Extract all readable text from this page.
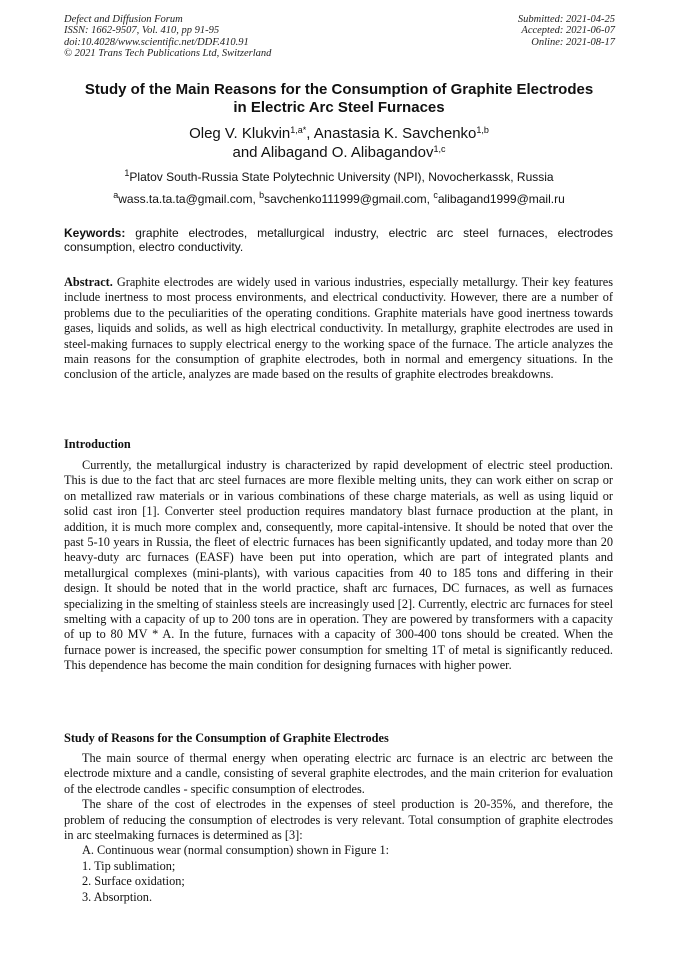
Defect and Diffusion Forum
ISSN: 1662-9507, Vol. 410, pp 91-95
doi:10.4028/www.scientific.net/DDF.410.91
© 2021 Trans Tech Publications Ltd, Switzerland
Submitted: 2021-04-25
Accepted: 2021-06-07
Online: 2021-08-17
Study of the Main Reasons for the Consumption of Graphite Electrodes
in Electric Arc Steel Furnaces
Oleg V. Klukvin$^{1,a*}$, Anastasia K. Savchenko$^{1,b}$
and Alibagand O. Alibagandov$^{1,c}$
$^1$Platov South-Russia State Polytechnic University (NPI), Novocherkassk, Russia
$^a$wass.ta.ta.ta@gmail.com, $^b$savchenko111999@gmail.com, $^c$alibagand1999@mail.ru
Keywords: graphite electrodes, metallurgical industry, electric arc steel furnaces, electrodes consumption, electro conductivity.

Abstract. Graphite electrodes are widely used in various industries, especially metallurgy. Their key features include inertness to most process environments, and electrical conductivity. However, there are a number of problems due to the peculiarities of the operating conditions. Graphite materials have good inertness towards gases, liquids and solids, as well as high electrical conductivity. In metallurgy, graphite electrodes are used in steel-making furnaces to supply electrical energy to the working space of the furnace. The article analyzes the main reasons for the consumption of graphite electrodes, both in normal and emergency situations. In the conclusion of the article, analyzes are made based on the results of graphite electrodes breakdowns.

Introduction

Currently, the metallurgical industry is characterized by rapid development of electric steel production. This is due to the fact that arc steel furnaces are more flexible melting units, they can work either on scrap or on metallized raw materials or in various combinations of these charge materials, as well as using liquid or solid cast iron [1]. Converter steel production requires mandatory blast furnace production at the plant, in addition, it is much more complex and, consequently, more capital-intensive. It should be noted that over the past 5-10 years in Russia, the fleet of electric furnaces has been significantly updated, and today more than 20 heavy-duty arc furnaces (EASF) have been put into operation, which are part of integrated plants and metallurgical complexes (mini-plants), with various capacities from 40 to 185 tons and differing in their design. It should be noted that in the world practice, shaft arc furnaces, DC furnaces, as well as furnaces specializing in the smelting of stainless steels are increasingly used [2]. Currently, electric arc furnaces for steel smelting with a capacity of up to 200 tons are in operation. They are powered by transformers with a capacity of up to 80 MV * A. In the future, furnaces with a capacity of 300-400 tons should be created. When the furnace power is increased, the specific power consumption for smelting 1T of metal is significantly reduced. This dependence has become the main condition for designing furnaces with higher power.

Study of Reasons for the Consumption of Graphite Electrodes

The main source of thermal energy when operating electric arc furnace is an electric arc between the electrode mixture and a candle, consisting of several graphite electrodes, and the main criterion for evaluation of the electrode candles - specific consumption of electrodes.

The share of the cost of electrodes in the expenses of steel production is 20-35%, and therefore, the problem of reducing the consumption of electrodes is very relevant. Total consumption of graphite electrodes in arc steelmaking furnaces is determined as [3]:

A. Continuous wear (normal consumption) shown in Figure 1:

1. Tip sublimation;

2. Surface oxidation;

3. Absorption.
